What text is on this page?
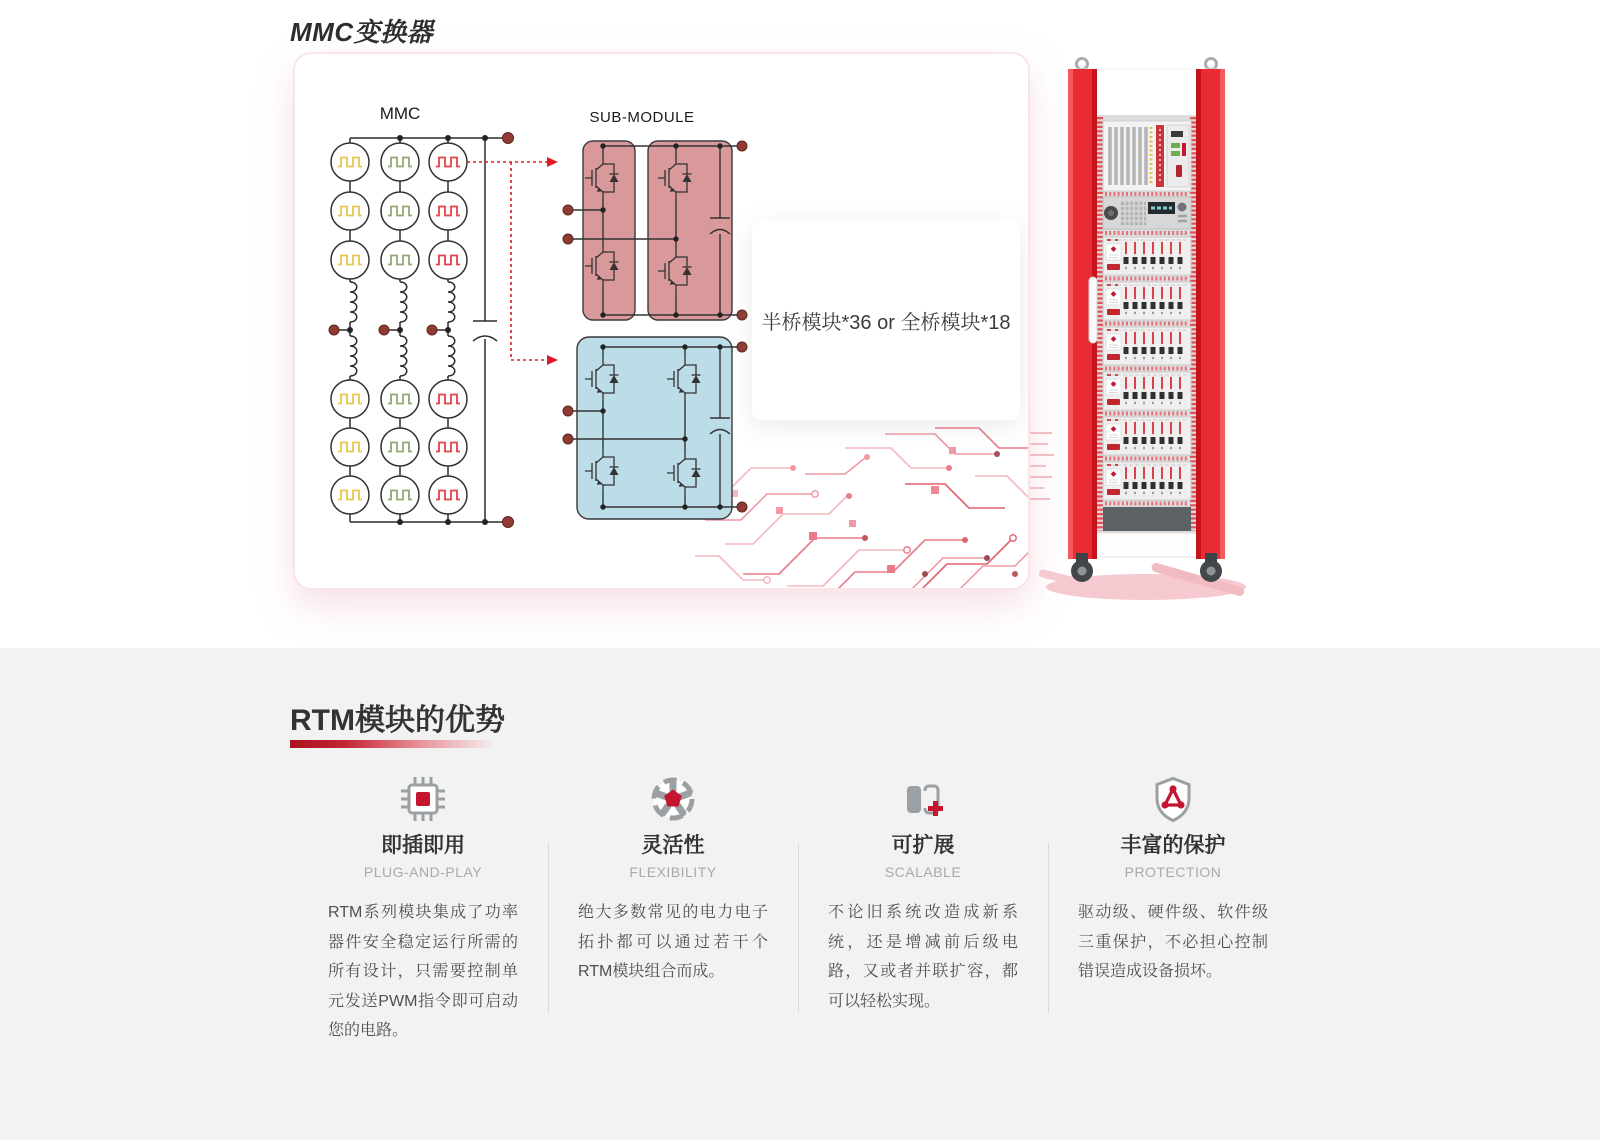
MMC变换器
MMC	SUB-MODULE
半桥模块*36 or 全桥模块*18
RTM模块的优势
即插即用
PLUG-AND-PLAY
RTM系列模块集成了功率器件安全稳定运行所需的所有设计，只需要控制单元发送PWM指令即可启动您的电路。
灵活性
FLEXIBILITY
绝大多数常见的电力电子拓扑都可以通过若干个RTM模块组合而成。
可扩展
SCALABLE
不论旧系统改造成新系统，还是增减前后级电路，又或者并联扩容，都可以轻松实现。
丰富的保护
PROTECTION
驱动级、硬件级、软件级三重保护，不必担心控制错误造成设备损坏。
